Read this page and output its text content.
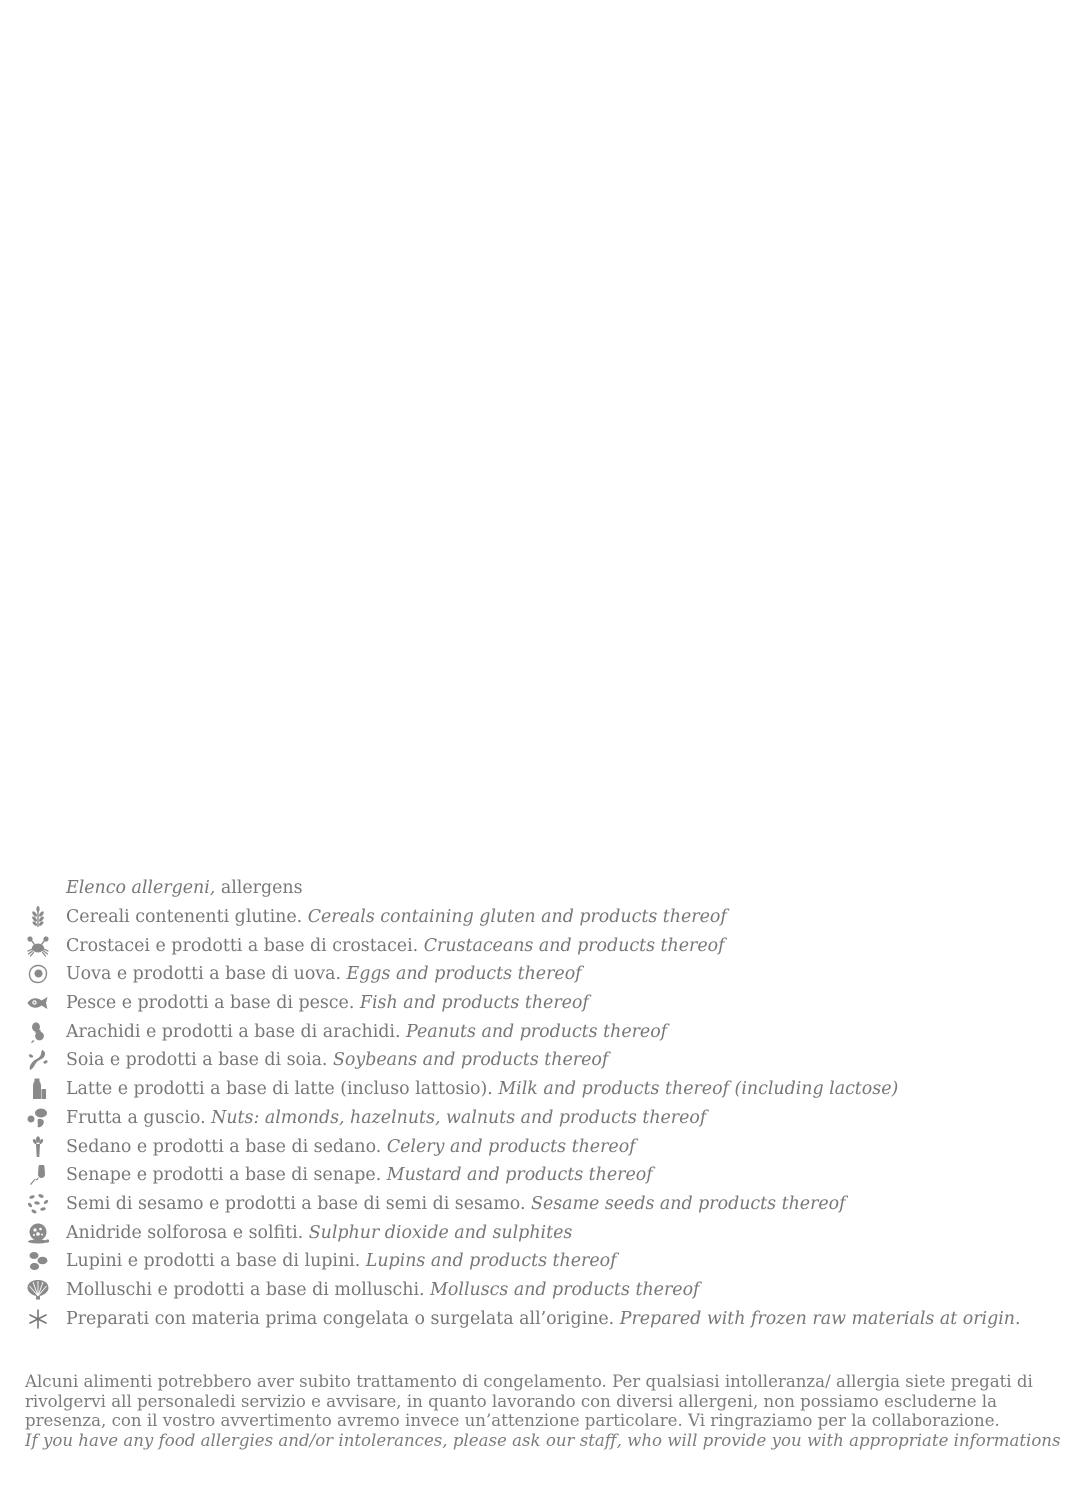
Elenco allergeni, allergens
Cereali contenenti glutine. Cereals containing gluten and products thereof
Crostacei e prodotti a base di crostacei. Crustaceans and products thereof
Uova e prodotti a base di uova. Eggs and products thereof
Pesce e prodotti a base di pesce. Fish and products thereof
Arachidi e prodotti a base di arachidi. Peanuts and products thereof
Soia e prodotti a base di soia. Soybeans and products thereof
Latte e prodotti a base di latte (incluso lattosio). Milk and products thereof (including lactose)
Frutta a guscio. Nuts: almonds, hazelnuts, walnuts and products thereof
Sedano e prodotti a base di sedano. Celery and products thereof
Senape e prodotti a base di senape. Mustard and products thereof
Semi di sesamo e prodotti a base di semi di sesamo. Sesame seeds and products thereof
Anidride solforosa e solfiti. Sulphur dioxide and sulphites
Lupini e prodotti a base di lupini. Lupins and products thereof
Molluschi e prodotti a base di molluschi. Molluscs and products thereof
Preparati con materia prima congelata o surgelata all’origine. Prepared with frozen raw materials at origin.

Alcuni alimenti potrebbero aver subito trattamento di congelamento. Per qualsiasi intolleranza/ allergia siete pregati di rivolgervi all personaledi servizio e avvisare, in quanto lavorando con diversi allergeni, non possiamo escluderne la presenza, con il vostro avvertimento avremo invece un’attenzione particolare. Vi ringraziamo per la collaborazione.

If you have any food allergies and/or intolerances, please ask our staff, who will provide you with appropriate informations
